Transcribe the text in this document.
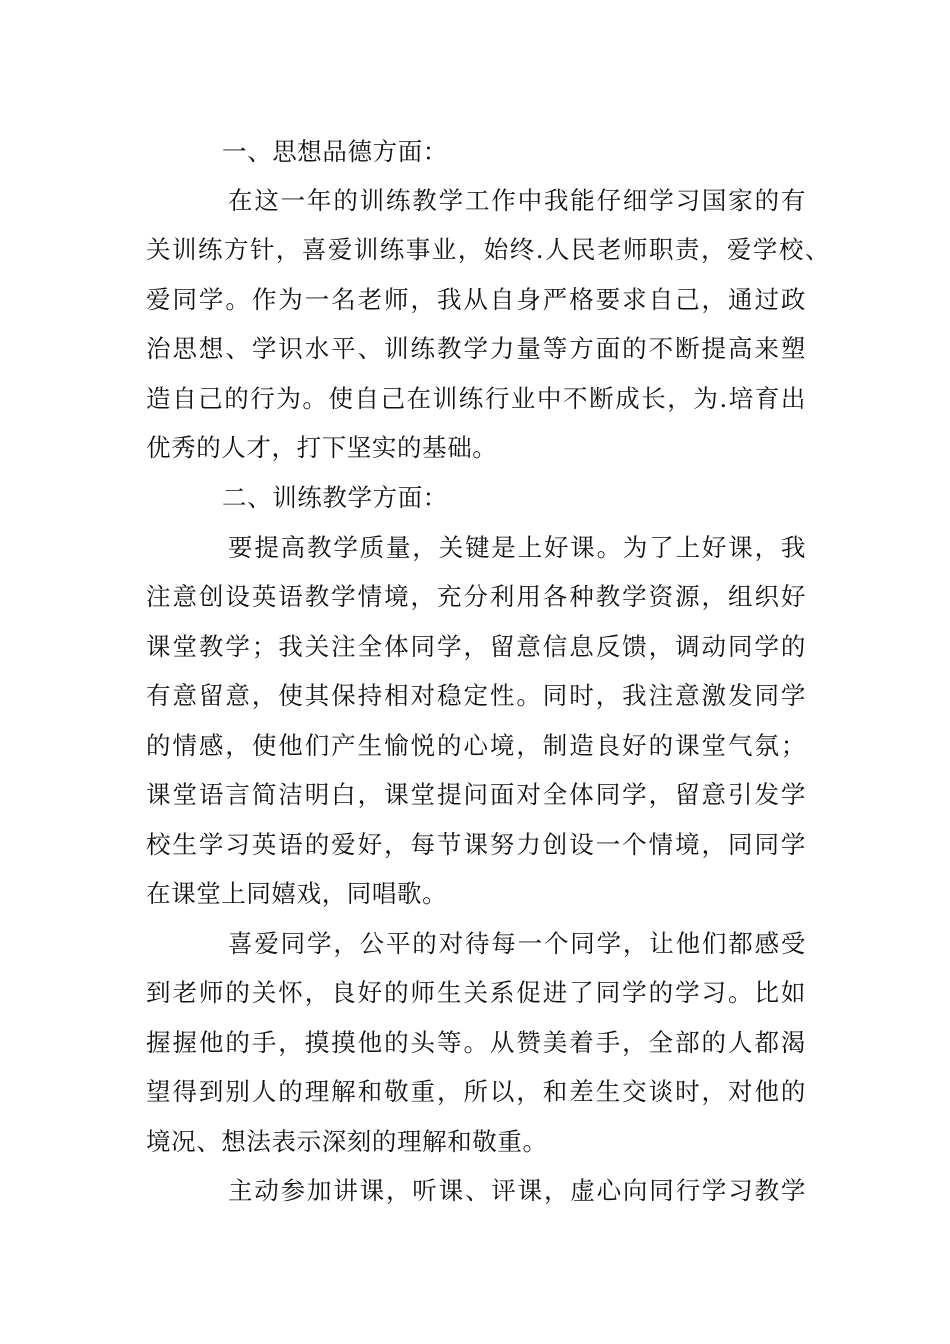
一、思想品德方面：
在这一年的训练教学工作中我能仔细学习国家的有
关训练方针，喜爱训练事业，始终.人民老师职责，爱学校、
爱同学。作为一名老师，我从自身严格要求自己，通过政
治思想、学识水平、训练教学力量等方面的不断提高来塑
造自己的行为。使自己在训练行业中不断成长，为.培育出
优秀的人才，打下坚实的基础。
二、训练教学方面：
要提高教学质量，关键是上好课。为了上好课，我
注意创设英语教学情境，充分利用各种教学资源，组织好
课堂教学；我关注全体同学，留意信息反馈，调动同学的
有意留意，使其保持相对稳定性。同时，我注意激发同学
的情感，使他们产生愉悦的心境，制造良好的课堂气氛；
课堂语言简洁明白，课堂提问面对全体同学，留意引发学
校生学习英语的爱好，每节课努力创设一个情境，同同学
在课堂上同嬉戏，同唱歌。
喜爱同学，公平的对待每一个同学，让他们都感受
到老师的关怀，良好的师生关系促进了同学的学习。比如
握握他的手，摸摸他的头等。从赞美着手，全部的人都渴
望得到别人的理解和敬重，所以，和差生交谈时，对他的
境况、想法表示深刻的理解和敬重。
主动参加讲课，听课、评课，虚心向同行学习教学
